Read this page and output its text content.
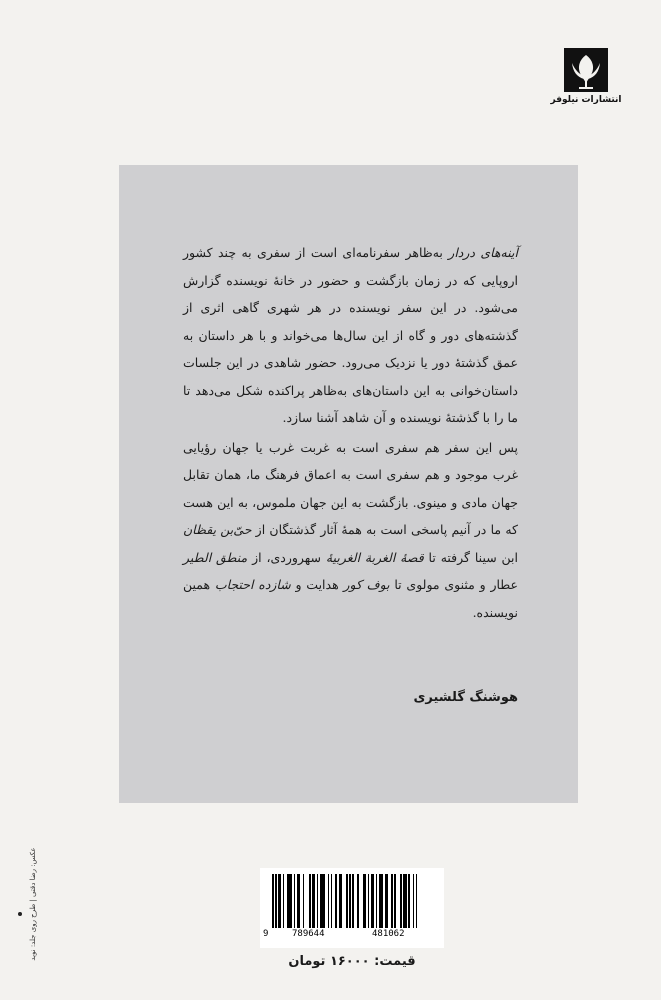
انتشارات نیلوفر

آینه‌های دردار به‌ظاهر سفرنامه‌ای است از سفری به چند کشور اروپایی که در زمان بازگشت و حضور در خانه‌ٔ نویسنده گزارش می‌شود. در این سفر نویسنده در هر شهری گاهی اثری از گذشته‌های دور و گاه از این سال‌ها می‌خواند و با هر داستان به عمق گذشته‌ٔ دور یا نزدیک می‌رود. حضور شاهدی در این جلسات داستان‌خوانی به این داستان‌های به‌ظاهر پراکنده شکل می‌دهد تا ما را با گذشته‌ٔ نویسنده و آن شاهد آشنا سازد.

پس این سفر هم سفری است به غربت غرب یا جهان رؤیایی غرب موجود و هم سفری است به اعماق فرهنگ ما، همان تقابل جهان مادی و مینوی. بازگشت به این جهان ملموس، به این هست که ما در آنیم پاسخی است به همهٔ آثار گذشتگان از حیّ‌بن یقظان ابن سینا گرفته تا قصهٔ الغربة الغربیهٔ سهروردی، از منطق الطیر عطار و مثنوی مولوی تا بوف کور هدایت و شازده احتجاب همین نویسنده.

هوشنگ گلشیری
عکس: رضا دقتی | طرح روی جلد: نوید	9	789644	481062
قیمت: ۱۶۰۰۰ تومان
